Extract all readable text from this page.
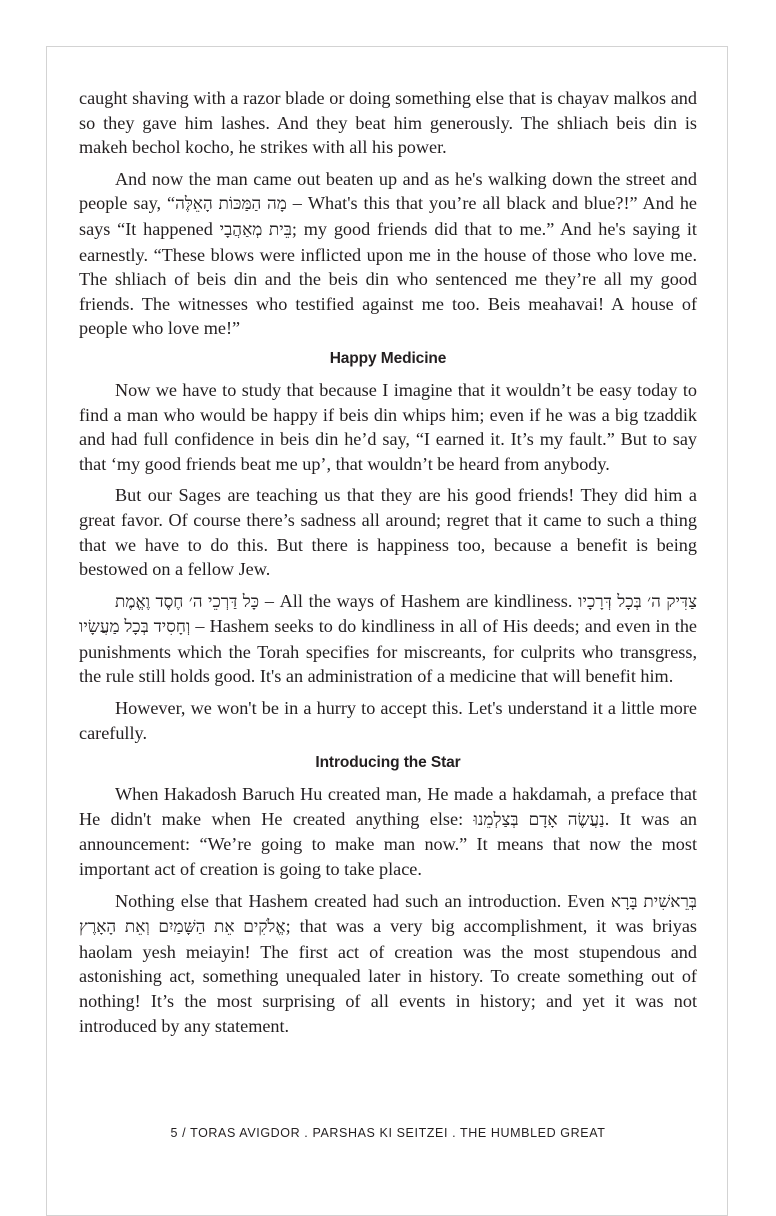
caught shaving with a razor blade or doing something else that is chayav malkos and so they gave him lashes. And they beat him generously. The shliach beis din is makeh bechol kocho, he strikes with all his power.

And now the man came out beaten up and as he's walking down the street and people say, “מָה הַמַּכּוֹת הָאֵלֶּה – What's this that you’re all black and blue?!” And he says “It happened בֵּית מְאַהֲבָי; my good friends did that to me.” And he's saying it earnestly. “These blows were inflicted upon me in the house of those who love me. The shliach of beis din and the beis din who sentenced me they’re all my good friends. The witnesses who testified against me too. Beis meahavai! A house of people who love me!”

Happy Medicine

Now we have to study that because I imagine that it wouldn’t be easy today to find a man who would be happy if beis din whips him; even if he was a big tzaddik and had full confidence in beis din he’d say, “I earned it. It’s my fault.” But to say that ‘my good friends beat me up’, that wouldn’t be heard from anybody.

But our Sages are teaching us that they are his good friends! They did him a great favor. Of course there’s sadness all around; regret that it came to such a thing that we have to do this. But there is happiness too, because a benefit is being bestowed on a fellow Jew.

כָּל דַּרְכֵי ה׳ חֶסֶד וֶאֱמֶת – All the ways of Hashem are kindliness. צַדִּיק ה׳ בְּכָל דְּרָכָיו וְחָסִיד בְּכָל מַעֲשָׂיו – Hashem seeks to do kindliness in all of His deeds; and even in the punishments which the Torah specifies for miscreants, for culprits who transgress, the rule still holds good. It's an administration of a medicine that will benefit him.

However, we won't be in a hurry to accept this. Let's understand it a little more carefully.

Introducing the Star

When Hakadosh Baruch Hu created man, He made a hakdamah, a preface that He didn't make when He created anything else: נַעֲשֶׂה אָדָם בְּצַלְמֵנוּ. It was an announcement: “We’re going to make man now.” It means that now the most important act of creation is going to take place.

Nothing else that Hashem created had such an introduction. Even בְּרֵאשִׁית בָּרָא אֱלֹקִים אֵת הַשָּׁמַיִם וְאֵת הָאָרֶץ; that was a very big accomplishment, it was briyas haolam yesh meiayin! The first act of creation was the most stupendous and astonishing act, something unequaled later in history. To create something out of nothing! It’s the most surprising of all events in history; and yet it was not introduced by any statement.

5 / TORAS AVIGDOR . PARSHAS KI SEITZEI . THE HUMBLED GREAT
